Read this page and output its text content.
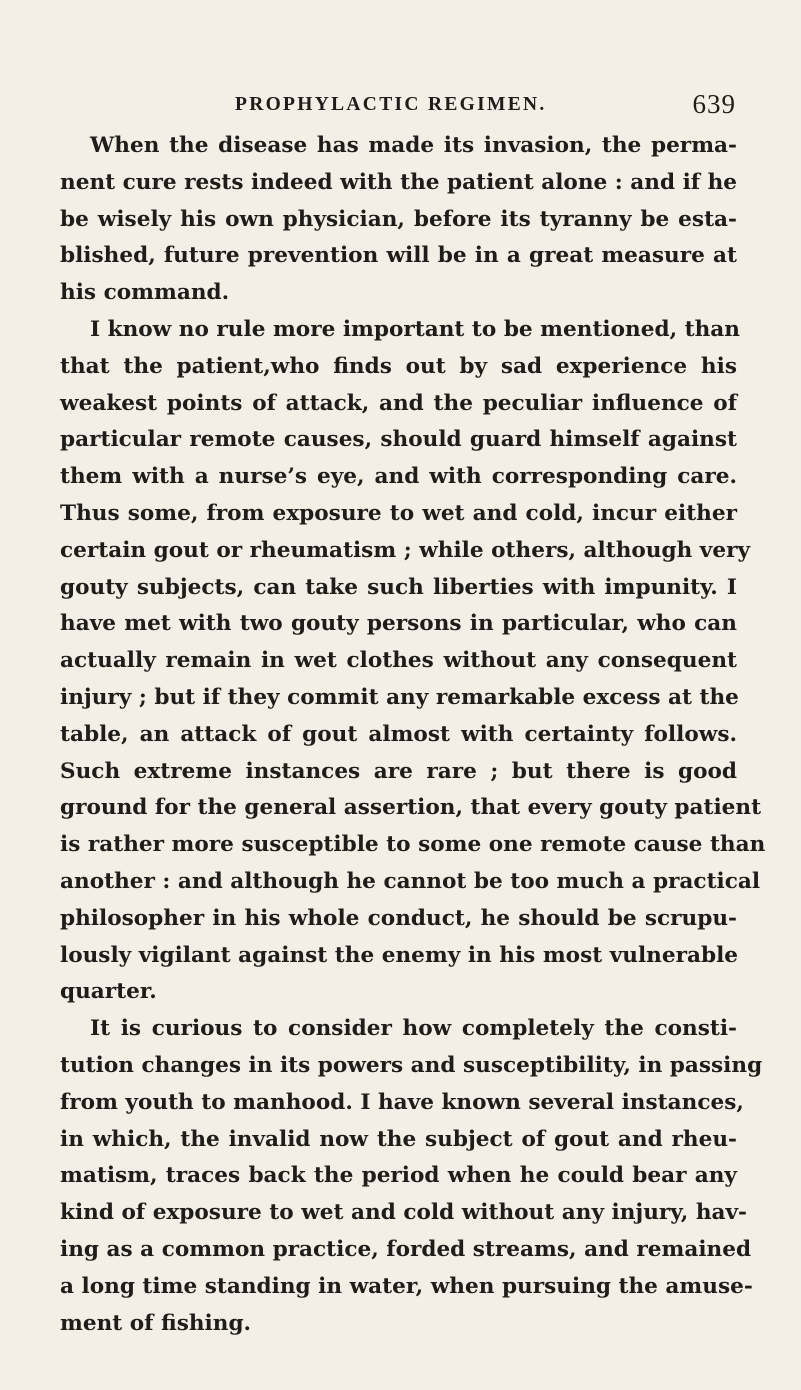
PROPHYLACTIC REGIMEN.	639
When the disease has made its invasion, the perma-
nent cure rests indeed with the patient alone : and if he
be wisely his own physician, before its tyranny be esta-
blished, future prevention will be in a great measure at
his command.
I know no rule more important to be mentioned, than
that the patient,who finds out by sad experience his
weakest points of attack, and the peculiar influence of
particular remote causes, should guard himself against
them with a nurse’s eye, and with corresponding care.
Thus some, from exposure to wet and cold, incur either
certain gout or rheumatism ; while others, although very
gouty subjects, can take such liberties with impunity. I
have met with two gouty persons in particular, who can
actually remain in wet clothes without any consequent
injury ; but if they commit any remarkable excess at the
table, an attack of gout almost with certainty follows.
Such extreme instances are rare ; but there is good
ground for the general assertion, that every gouty patient
is rather more susceptible to some one remote cause than
another : and although he cannot be too much a practical
philosopher in his whole conduct, he should be scrupu-
lously vigilant against the enemy in his most vulnerable
quarter.
It is curious to consider how completely the consti-
tution changes in its powers and susceptibility, in passing
from youth to manhood. I have known several instances,
in which, the invalid now the subject of gout and rheu-
matism, traces back the period when he could bear any
kind of exposure to wet and cold without any injury, hav-
ing as a common practice, forded streams, and remained
a long time standing in water, when pursuing the amuse-
ment of fishing.
